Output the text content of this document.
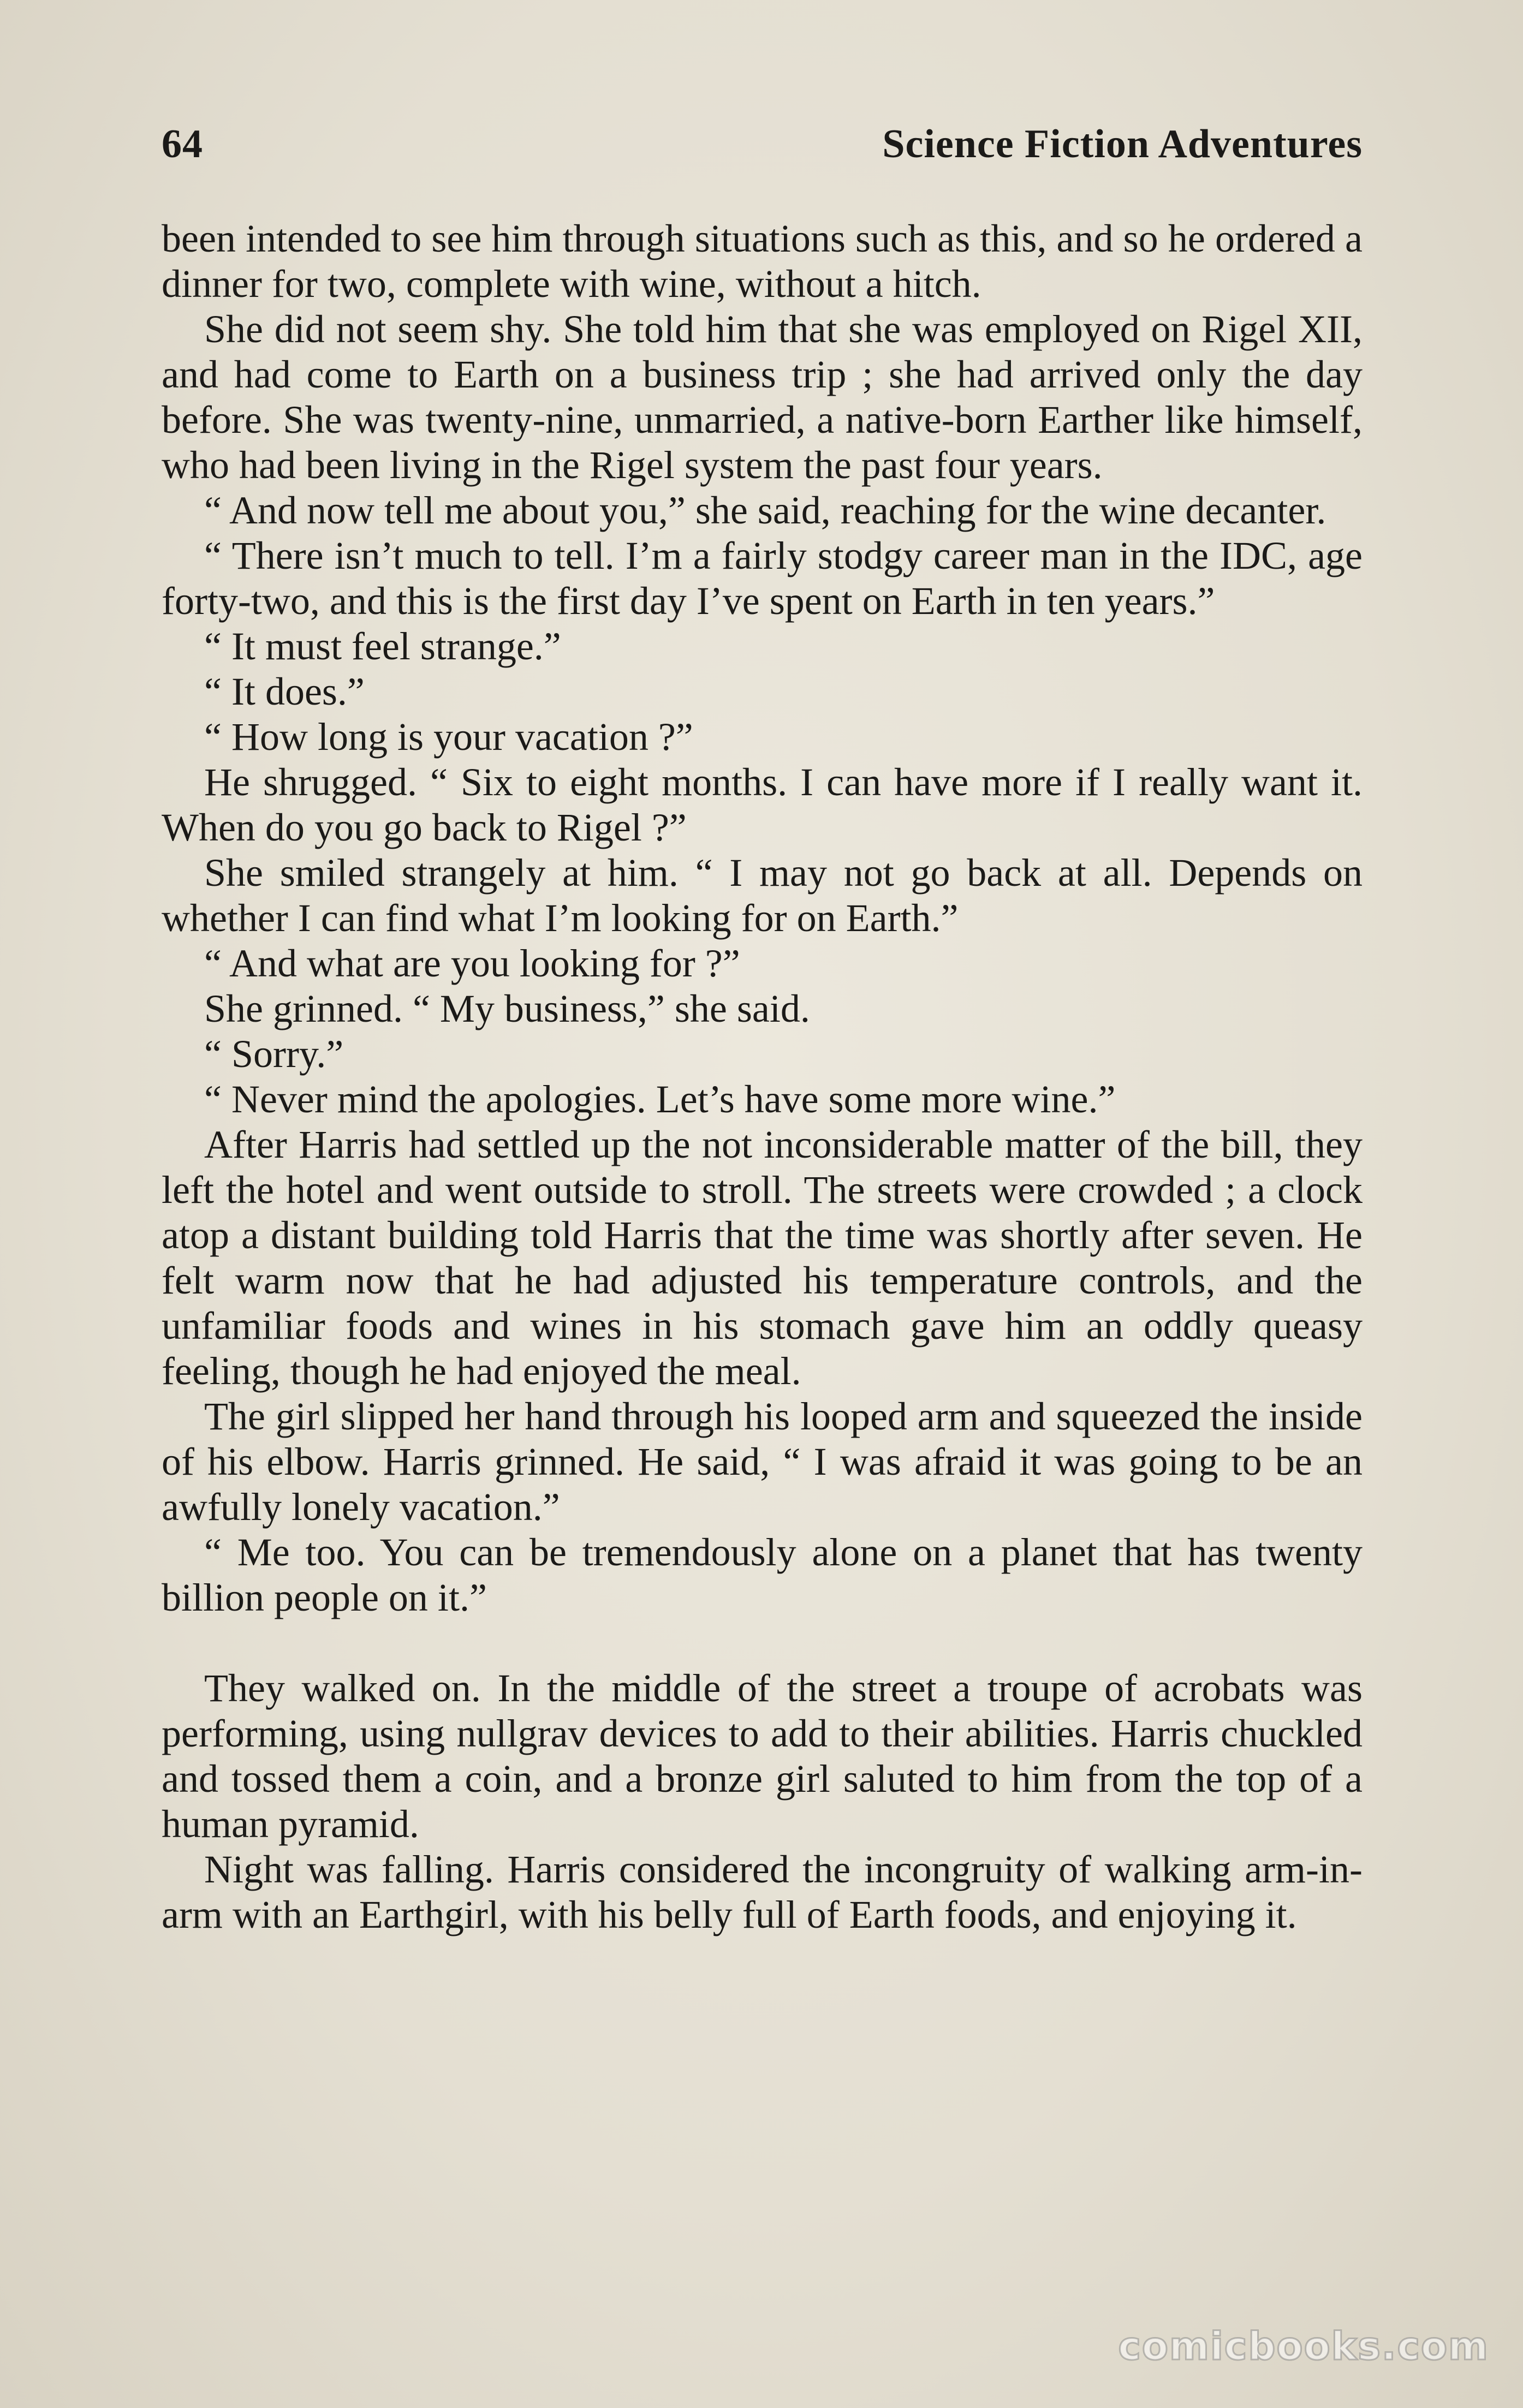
64	Science Fiction Adventures

been intended to see him through situations such as this, and so he ordered a dinner for two, complete with wine, without a hitch.

She did not seem shy. She told him that she was employed on Rigel XII, and had come to Earth on a business trip ; she had arrived only the day before. She was twenty-nine, unmarried, a native-born Earther like himself, who had been living in the Rigel system the past four years.

“ And now tell me about you,” she said, reaching for the wine decanter.

“ There isn’t much to tell. I’m a fairly stodgy career man in the IDC, age forty-two, and this is the first day I’ve spent on Earth in ten years.”

“ It must feel strange.”

“ It does.”

“ How long is your vacation ?”

He shrugged. “ Six to eight months. I can have more if I really want it. When do you go back to Rigel ?”

She smiled strangely at him. “ I may not go back at all. Depends on whether I can find what I’m looking for on Earth.”

“ And what are you looking for ?”

She grinned. “ My business,” she said.

“ Sorry.”

“ Never mind the apologies. Let’s have some more wine.”

After Harris had settled up the not inconsiderable matter of the bill, they left the hotel and went outside to stroll. The streets were crowded ; a clock atop a distant building told Harris that the time was shortly after seven. He felt warm now that he had adjusted his temperature controls, and the unfamiliar foods and wines in his stomach gave him an oddly queasy feeling, though he had enjoyed the meal.

The girl slipped her hand through his looped arm and squeezed the inside of his elbow. Harris grinned. He said, “ I was afraid it was going to be an awfully lonely vacation.”

“ Me too. You can be tremendously alone on a planet that has twenty billion people on it.”

They walked on. In the middle of the street a troupe of acrobats was performing, using nullgrav devices to add to their abilities. Harris chuckled and tossed them a coin, and a bronze girl saluted to him from the top of a human pyramid.

Night was falling. Harris considered the incongruity of walking arm-in-arm with an Earthgirl, with his belly full of Earth foods, and enjoying it.

comicbooks.com
